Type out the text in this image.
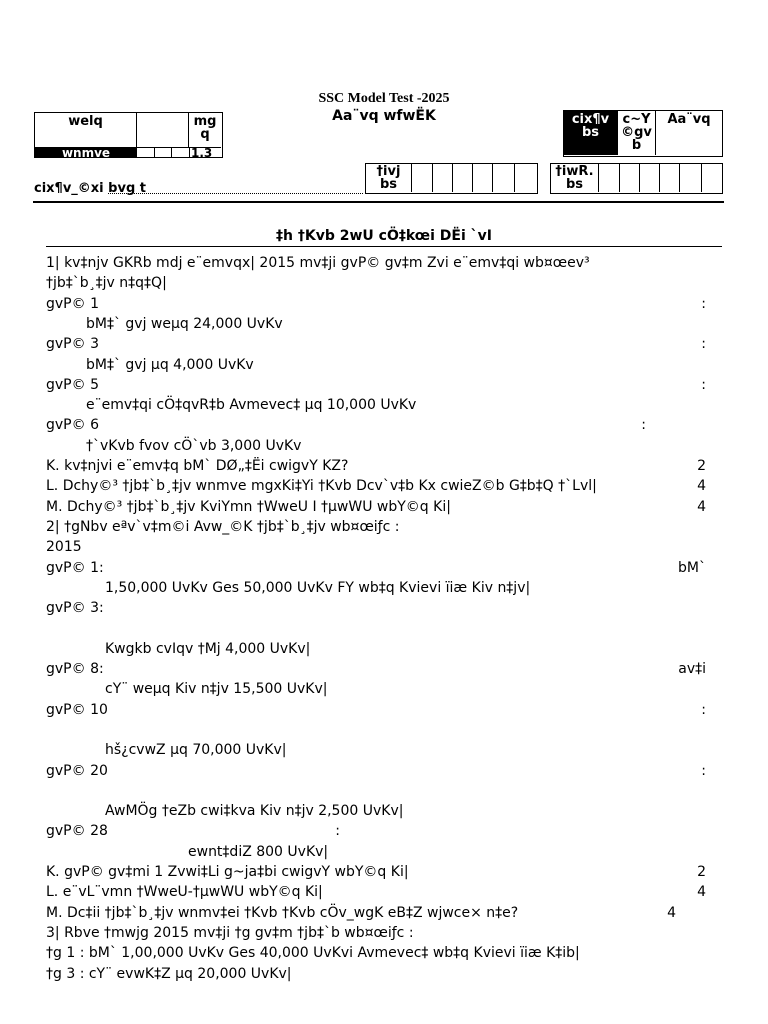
SSC Model Test -2025
Aa¨vq wfwËK
welq	mg q
wnmve	1.3
cix¶v bs
c~Y ©gv b
Aa¨vq
cix¶v_©xi bvg t
†ivj bs
†iwR. bs
‡h †Kvb 2wU cÖ‡kœi DËi `vI
1| kv‡njv GKRb mdj e¨emvqx| 2015 mv‡ji gvP© gv‡m Zvi e¨emv‡qi wb¤œev³
†jb‡`b¸‡jv n‡q‡Q|
gvP© 1	:
bM‡` gvj weµq 24,000 UvKv
gvP© 3	:
bM‡` gvj µq 4,000 UvKv
gvP© 5	:
e¨emv‡qi cÖ‡qvR‡b Avmevec‡ µq 10,000 UvKv
gvP© 6	:
†`vKvb fvov cÖ`vb 3,000 UvKv
K. kv‡njvi e¨emv‡q bM` DØ„‡Ëi cwigvY KZ?	2
L. Dchy©³ †jb‡`b¸‡jv wnmve mgxKi‡Yi †Kvb Dcv`v‡b Kx cwieZ©b G‡b‡Q †`Lvl|	4
M. Dchy©³ †jb‡`b¸‡jv KviYmn †WweU I †µwWU wbY©q Ki|	4
2| †gNbv eªv`v‡m©i Avw_©K †jb‡`b¸‡jv wb¤œiƒc :
2015
gvP© 1:	bM`
1,50,000 UvKv Ges 50,000 UvKv FY wb‡q Kvievi ïiæ Kiv n‡jv|
gvP© 3:
Kwgkb cvIqv †Mj 4,000 UvKv|
gvP© 8:	av‡i
cY¨ weµq Kiv n‡jv 15,500 UvKv|
gvP© 10	:
hš¿cvwZ µq 70,000 UvKv|
gvP© 20	:
AwMÖg †eZb cwi‡kva Kiv n‡jv 2,500 UvKv|
gvP© 28	:
ewnt‡diZ 800 UvKv|
K. gvP© gv‡mi 1 Zvwi‡Li g~ja‡bi cwigvY wbY©q Ki|	2
L. e¨vL¨vmn †WweU-†µwWU wbY©q Ki|	4
M. Dc‡ii †jb‡`b¸‡jv wnmv‡ei †Kvb †Kvb cÖv_wgK eB‡Z wjwce× n‡e?	4
3| Rbve †mwjg 2015 mv‡ji †g gv‡m †jb‡`b wb¤œiƒc :
†g 1 : bM` 1,00,000 UvKv Ges 40,000 UvKvi Avmevec‡ wb‡q Kvievi ïiæ K‡ib|
†g 3 : cY¨ evwK‡Z µq 20,000 UvKv|
